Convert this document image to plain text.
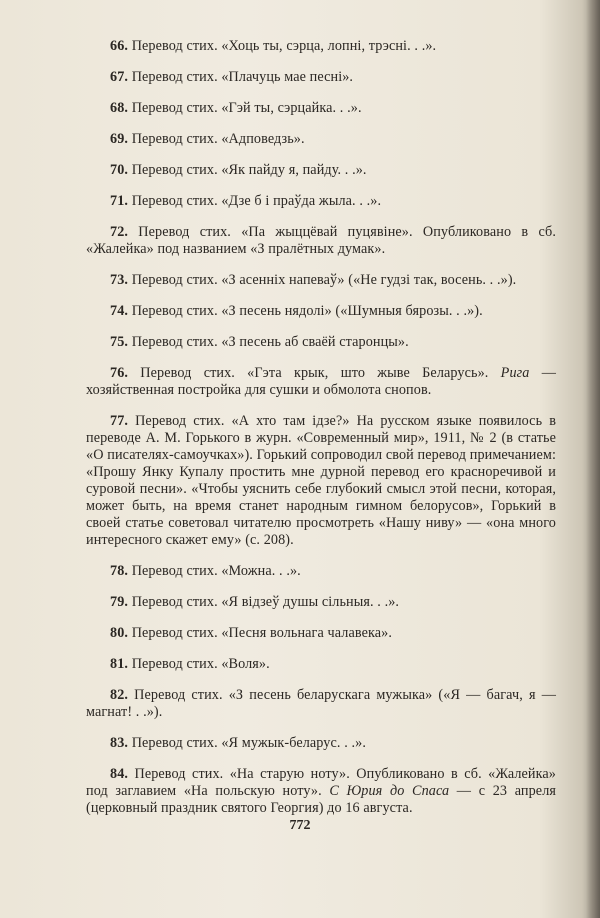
66. Перевод стих. «Хоць ты, сэрца, лопні, трэсні. . .».

67. Перевод стих. «Плачуць мае песні».

68. Перевод стих. «Гэй ты, сэрцайка. . .».

69. Перевод стих. «Адповедзь».

70. Перевод стих. «Як пайду я, пайду. . .».

71. Перевод стих. «Дзе б і праўда жыла. . .».

72. Перевод стих. «Па жыццёвай пуцявіне». Опубликовано в сб. «Жалейка» под названием «З пралётных думак».

73. Перевод стих. «З асенніх напеваў» («Не гудзі так, восень. . .»).

74. Перевод стих. «З песень нядолі» («Шумныя бярозы. . .»).

75. Перевод стих. «З песень аб сваёй старонцы».

76. Перевод стих. «Гэта крык, што жыве Беларусь». Рига — хозяйственная постройка для сушки и обмолота снопов.

77. Перевод стих. «А хто там ідзе?» На русском языке появилось в переводе А. М. Горького в журн. «Современный мир», 1911, № 2 (в статье «О писателях-самоучках»). Горький сопроводил свой перевод примечанием: «Прошу Янку Купалу простить мне дурной перевод его красноречивой и суровой песни». «Чтобы уяснить себе глубокий смысл этой песни, которая, может быть, на время станет народным гимном белорусов», Горький в своей статье советовал читателю просмотреть «Нашу ниву» — «она много интересного скажет ему» (с. 208).

78. Перевод стих. «Можна. . .».

79. Перевод стих. «Я відзеў душы сільныя. . .».

80. Перевод стих. «Песня вольнага чалавека».

81. Перевод стих. «Воля».

82. Перевод стих. «З песень беларускага мужыка» («Я — багач, я — магнат! . .»).

83. Перевод стих. «Я мужык-беларус. . .».

84. Перевод стих. «На старую ноту». Опубликовано в сб. «Жалейка» под заглавием «На польскую ноту». С Юрия до Спаса — с 23 апреля (церковный праздник святого Георгия) до 16 августа.

772
